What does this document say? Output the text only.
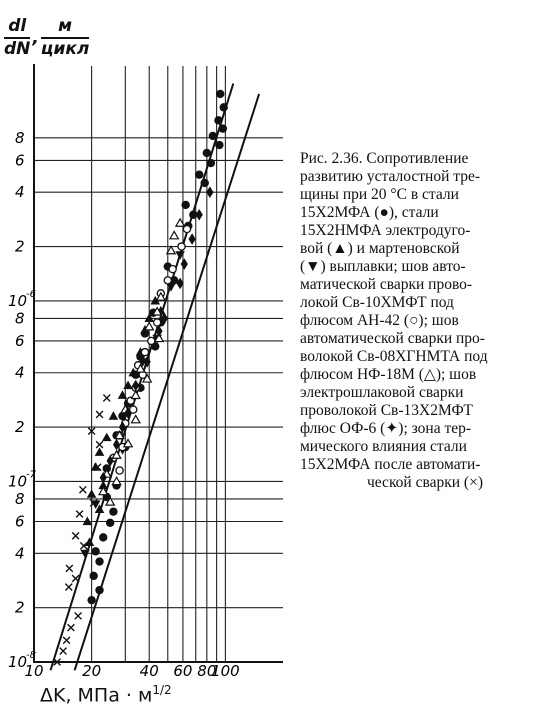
10	20	40 60 80
100
10
-8
2
4
6
8
10
-7
2
4
6
8
10
-6
2
4
6
8
$\frac{dl}{dN}$ , $\frac{м}{\text{цикл}}$
ΔK, МПа · $м^{1/2}$
Рис. 2.36. Сопротивление
развитию усталостной тре-
щины при 20 °С в стали
15Х2МФА (●), стали
15Х2НМФА электродуго-
вой (▲) и мартеновской
(▼) выплавки; шов авто-
матической сварки прово-
локой Св-10ХМФТ под
флюсом АН-42 (○); шов
автоматической сварки про-
волокой Св-08ХГНМТА под
флюсом НФ-18М (△); шов
электрошлаковой сварки
проволокой Св-13Х2МФТ
флюс ОФ-6 (✦); зона тер-
мического влияния стали
15Х2МФА после автомати-
ческой сварки (×)
